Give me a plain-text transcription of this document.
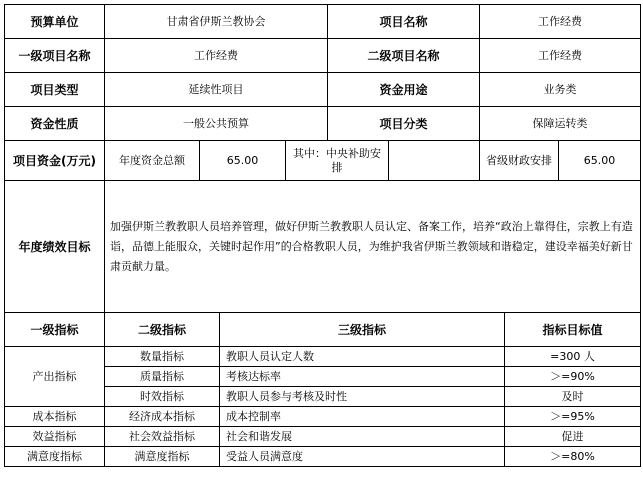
预算单位	甘肃省伊斯兰教协会			项目名称		工作经费	
一级项目名称	工作经费			二级项目名称		工作经费	
项目类型	延续性项目			资金用途		业务类	
资金性质	一般公共预算			项目分类		保障运转类	
项目资金(万元)	年度资金总额	65.00	其中：中央补助安排			省级财政安排	65.00
年度绩效目标	加强伊斯兰教教职人员培养管理，做好伊斯兰教教职人员认定、备案工作，培养“政治上靠得住，宗教上有造诣，品德上能服众，关键时起作用”的合格教职人员，为维护我省伊斯兰教领域和谐稳定，建设幸福美好新甘肃贡献力量。						
一级指标	二级指标	三级指标	指标目标值
产出指标	数量指标	教职人员认定人数	=300 人
	质量指标	考核达标率	＞=90%
	时效指标	教职人员参与考核及时性	及时
成本指标	经济成本指标	成本控制率	＞=95%
效益指标	社会效益指标	社会和谐发展	促进
满意度指标	满意度指标	受益人员满意度	＞=80%
